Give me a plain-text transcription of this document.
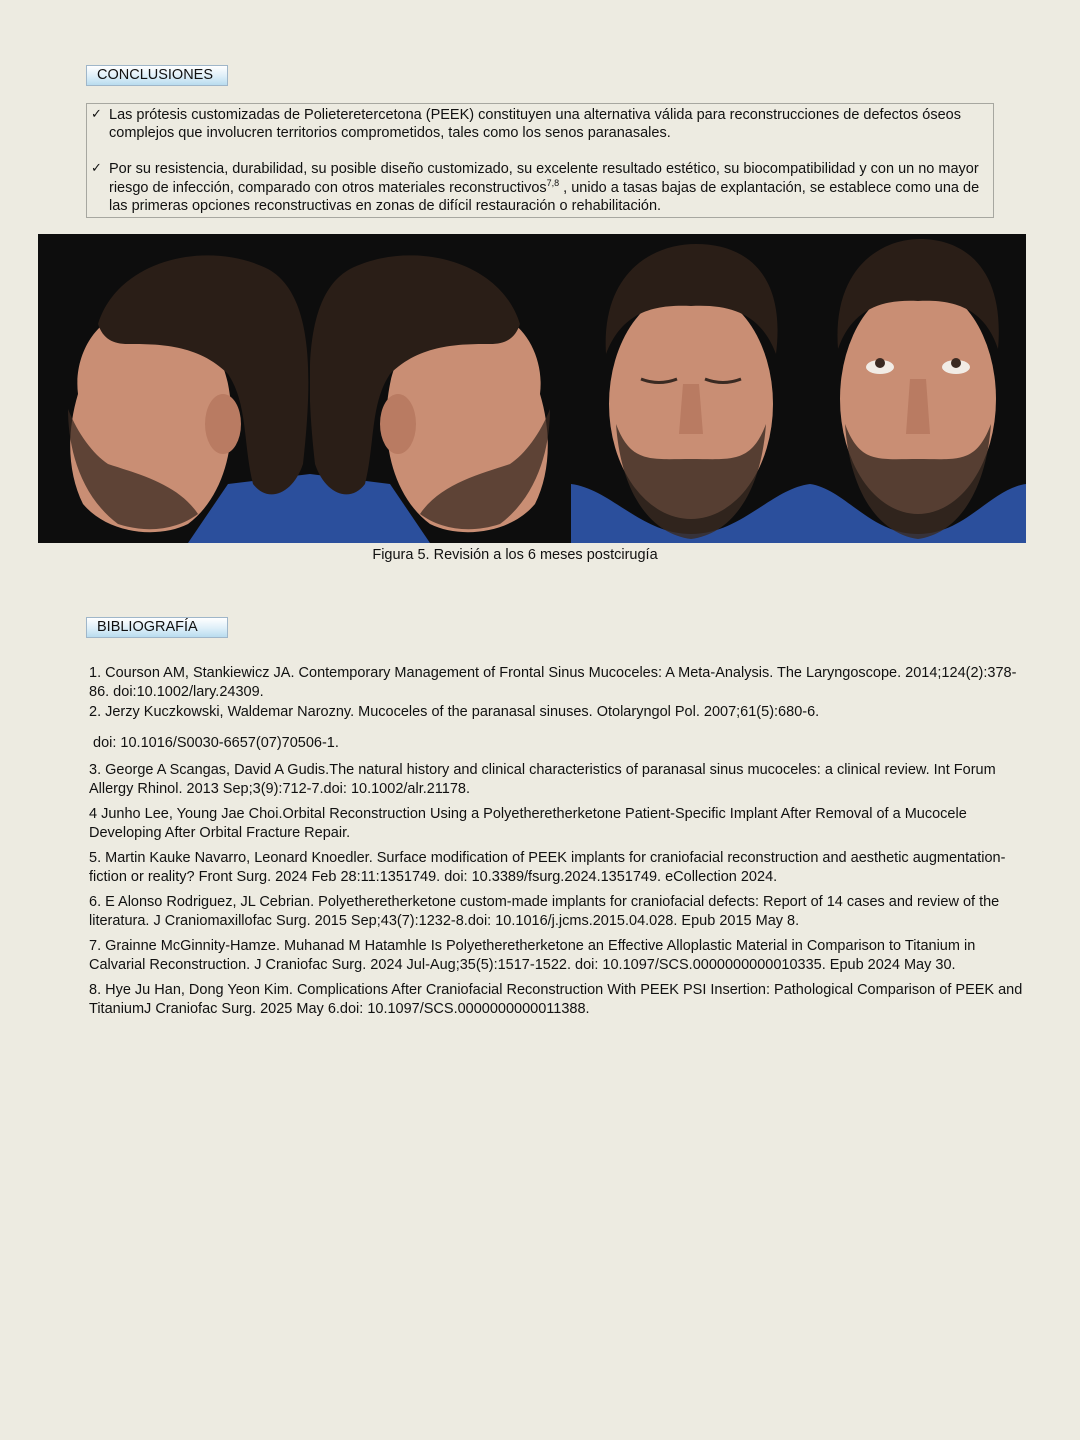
CONCLUSIONES
✓ Las prótesis customizadas de Polieteretercetona (PEEK) constituyen una alternativa válida para reconstrucciones de defectos óseos complejos que involucren territorios comprometidos, tales como los senos paranasales.
✓ Por su resistencia, durabilidad, su posible diseño customizado, su excelente resultado estético, su biocompatibilidad y con un no mayor riesgo de infección, comparado con otros materiales reconstructivos$^{7,8}$ , unido a tasas bajas de explantación, se establece como una de las primeras opciones reconstructivas en zonas de difícil restauración o rehabilitación.
Figura 5. Revisión a los 6 meses postcirugía
BIBLIOGRAFÍA

1. Courson AM, Stankiewicz JA. Contemporary Management of Frontal Sinus Mucoceles: A Meta-Analysis. The Laryngoscope. 2014;124(2):378-86. doi:10.1002/lary.24309.

2. Jerzy Kuczkowski, Waldemar Narozny. Mucoceles of the paranasal sinuses. Otolaryngol Pol. 2007;61(5):680-6.

doi: 10.1016/S0030-6657(07)70506-1.

3. George A Scangas, David A Gudis.The natural history and clinical characteristics of paranasal sinus mucoceles: a clinical review. Int Forum Allergy Rhinol. 2013 Sep;3(9):712-7.doi: 10.1002/alr.21178.

4 Junho Lee, Young Jae Choi.Orbital Reconstruction Using a Polyetheretherketone Patient-Specific Implant After Removal of a Mucocele Developing After Orbital Fracture Repair.

5. Martin Kauke Navarro, Leonard Knoedler. Surface modification of PEEK implants for craniofacial reconstruction and aesthetic augmentation-fiction or reality? Front Surg. 2024 Feb 28:11:1351749. doi: 10.3389/fsurg.2024.1351749. eCollection 2024.

6. E Alonso Rodriguez, JL Cebrian. Polyetheretherketone custom-made implants for craniofacial defects: Report of 14 cases and review of the literatura. J Craniomaxillofac Surg. 2015 Sep;43(7):1232-8.doi: 10.1016/j.jcms.2015.04.028. Epub 2015 May 8.

7. Grainne McGinnity-Hamze. Muhanad M Hatamhle Is Polyetheretherketone an Effective Alloplastic Material in Comparison to Titanium in Calvarial Reconstruction. J Craniofac Surg. 2024 Jul-Aug;35(5):1517-1522. doi: 10.1097/SCS.0000000000010335. Epub 2024 May 30.

8. Hye Ju Han, Dong Yeon Kim. Complications After Craniofacial Reconstruction With PEEK PSI Insertion: Pathological Comparison of PEEK and TitaniumJ Craniofac Surg. 2025 May 6.doi: 10.1097/SCS.0000000000011388.
